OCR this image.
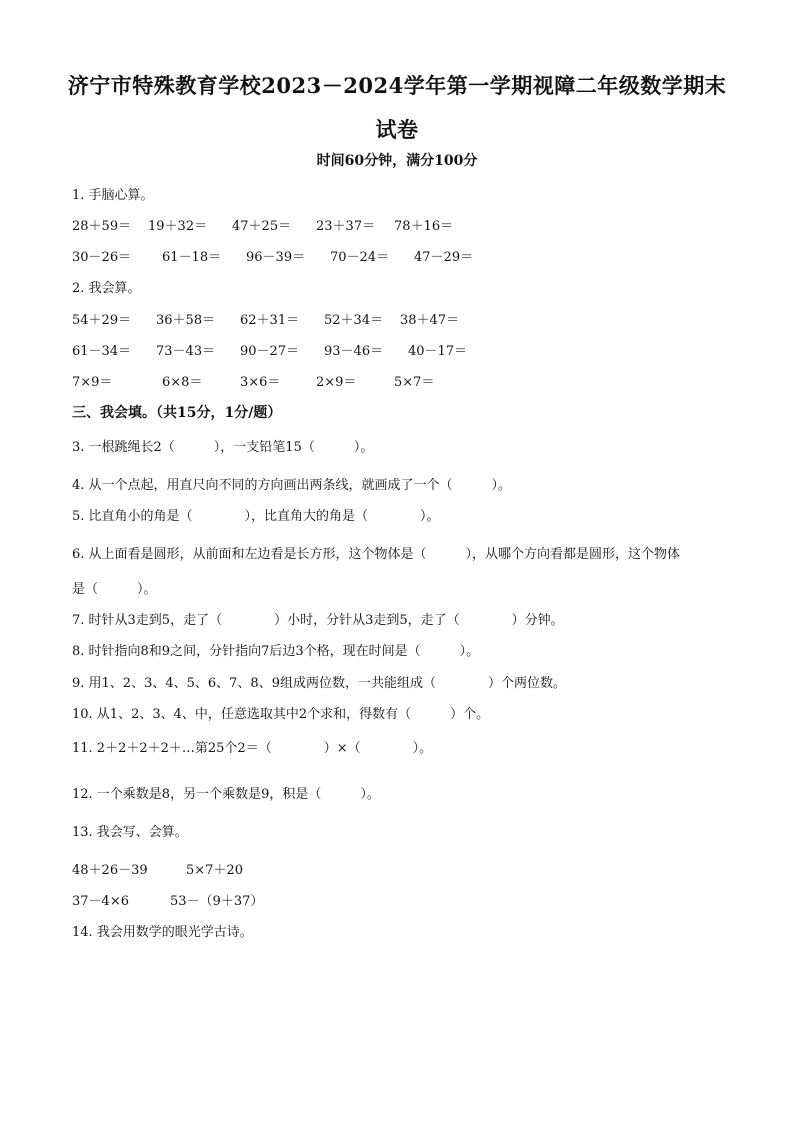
济宁市特殊教育学校2023－2024学年第一学期视障二年级数学期末
试卷
时间60分钟，满分100分
1. 手脑心算。
28＋59＝ 19＋32＝ 47＋25＝ 23＋37＝ 78＋16＝
30－26＝ 61－18＝ 96－39＝ 70－24＝ 47－29＝
2. 我会算。
54＋29＝ 36＋58＝ 62＋31＝ 52＋34＝ 38＋47＝
61－34＝ 73－43＝ 90－27＝ 93－46＝ 40－17＝
7×9＝	6×8＝	3×6＝	2×9＝	5×7＝
三、我会填。（共15分，1分/题）
3. 一根跳绳长2（　　　），一支铅笔15（　　　）。
4. 从一个点起，用直尺向不同的方向画出两条线，就画成了一个（　　　）。
5. 比直角小的角是（　　　　），比直角大的角是（　　　　）。
6. 从上面看是圆形，从前面和左边看是长方形，这个物体是（　　　），从哪个方向看都是圆形，这个物体
是（　　　）。
7. 时针从3走到5，走了（　　　　）小时，分针从3走到5，走了（　　　　）分钟。
8. 时针指向8和9之间，分针指向7后边3个格，现在时间是（　　　）。
9. 用1、2、3、4、5、6、7、8、9组成两位数，一共能组成（　　　　）个两位数。
10. 从1、2、3、4、中，任意选取其中2个求和，得数有（　　　）个。
11. 2＋2＋2＋2＋…第25个2＝（　　　　）×（　　　　）。
12. 一个乘数是8，另一个乘数是9，积是（　　　）。
13. 我会写、会算。
48＋26－39	5×7＋20
37－4×6	53－（9＋37）
14. 我会用数学的眼光学古诗。
